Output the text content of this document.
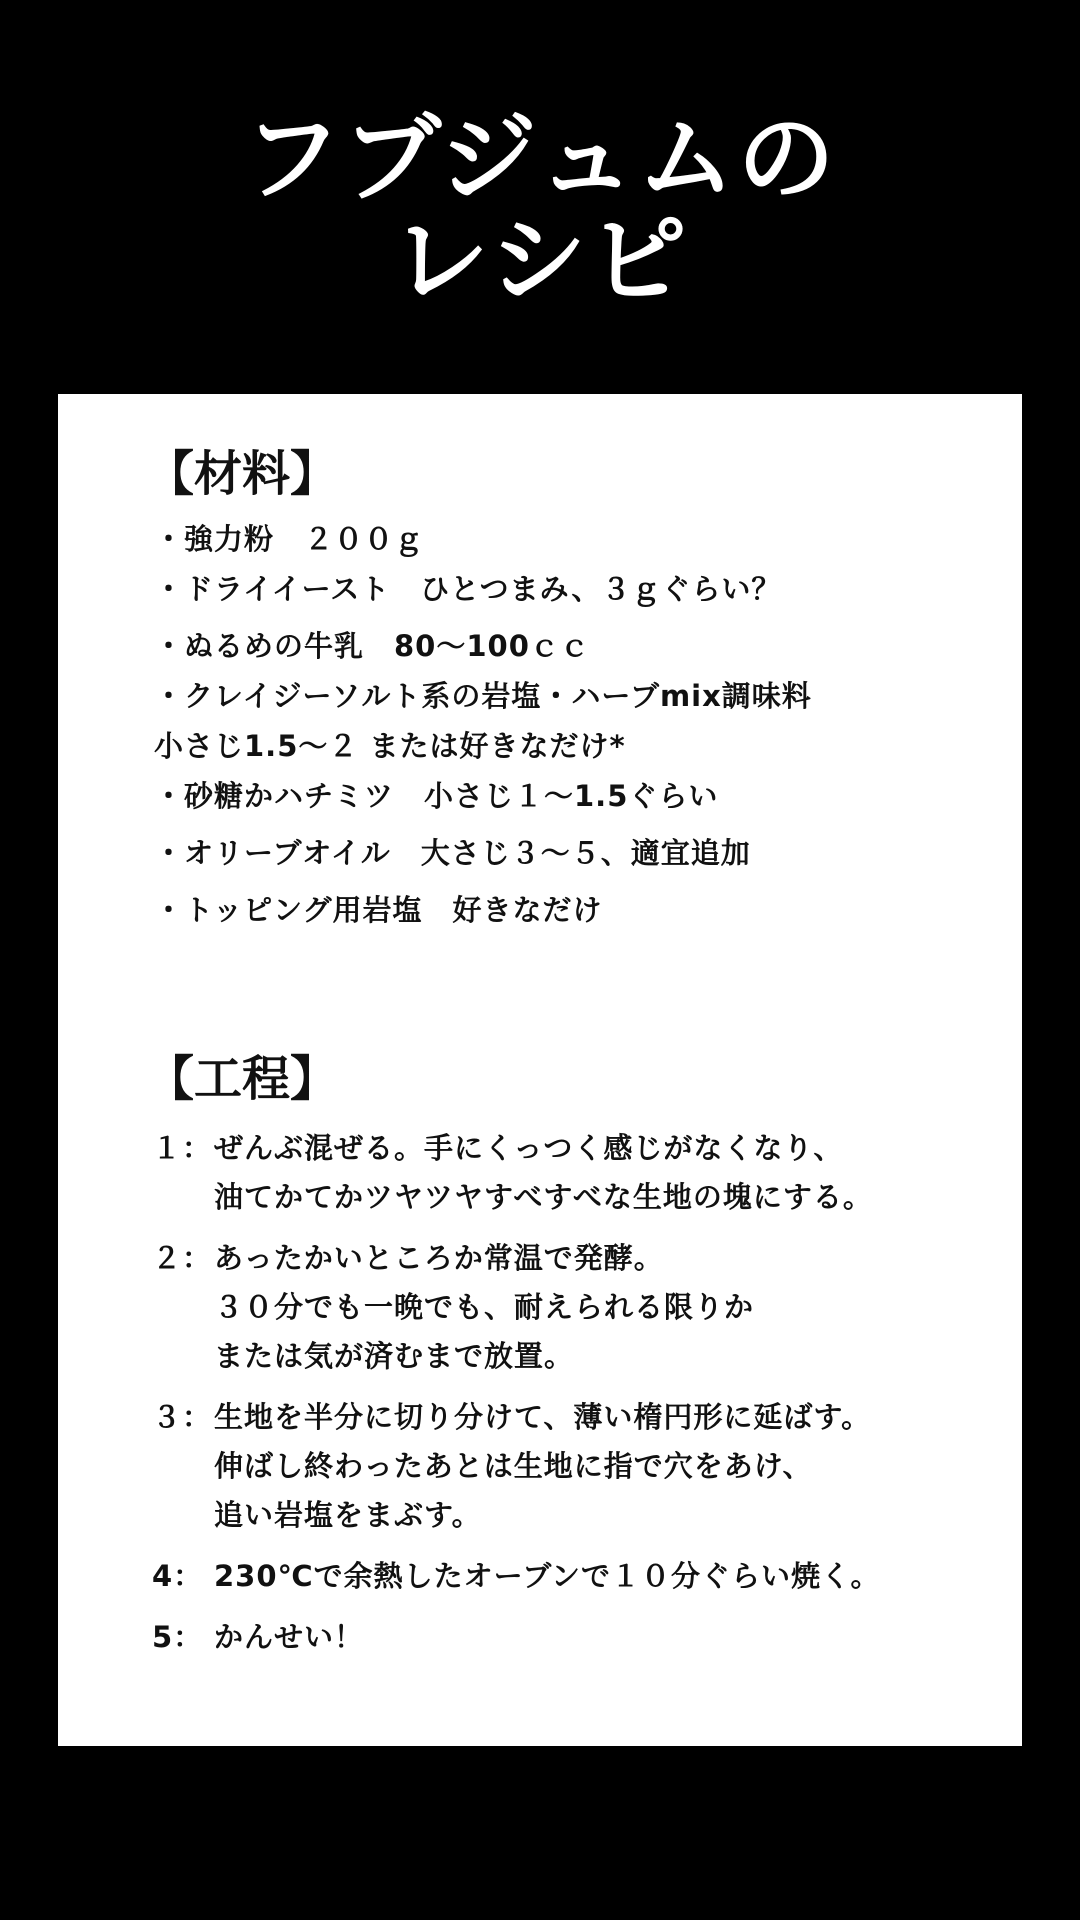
フブジュムの
レシピ
【材料】
・強力粉　２００ｇ
・ドライイースト　ひとつまみ、３ｇぐらい？
・ぬるめの牛乳　80～100ｃｃ
・クレイジーソルト系の岩塩・ハーブmix調味料
小さじ1.5～２ または好きなだけ*
・砂糖かハチミツ　小さじ１～1.5ぐらい
・オリーブオイル　大さじ３～５、適宜追加
・トッピング用岩塩　好きなだけ
【工程】
１： ぜんぶ混ぜる。手にくっつく感じがなくなり、
油てかてかツヤツヤすべすべな生地の塊にする。
２： あったかいところか常温で発酵。
３０分でも一晩でも、耐えられる限りか
または気が済むまで放置。
３： 生地を半分に切り分けて、薄い楕円形に延ばす。
伸ばし終わったあとは生地に指で穴をあけ、
追い岩塩をまぶす。
4： 230℃で余熱したオーブンで１０分ぐらい焼く。
5： かんせい！
